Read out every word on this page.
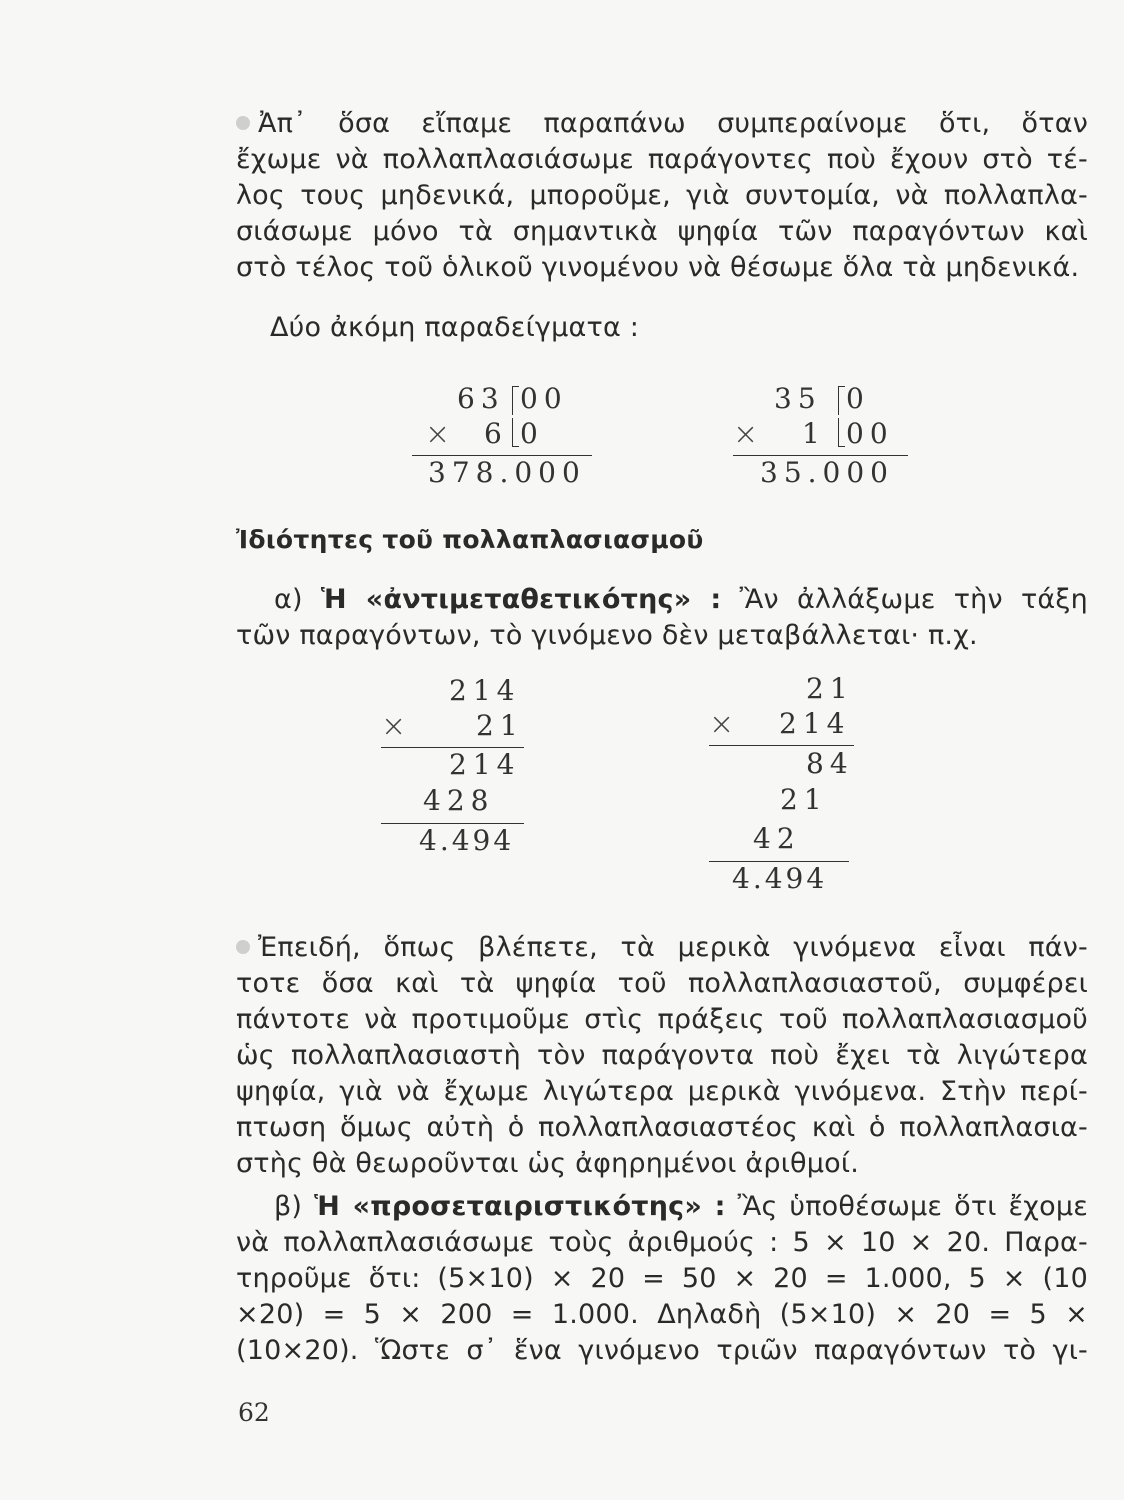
Ἀπ᾽ ὅσα εἴπαμε παραπάνω συμπεραίνομε ὅτι, ὅταν
ἔχωμε νὰ πολλαπλασιάσωμε παράγοντες ποὺ ἔχουν στὸ τέ-
λος τους μηδενικά, μποροῦμε, γιὰ συντομία, νὰ πολλαπλα-
σιάσωμε μόνο τὰ σημαντικὰ ψηφία τῶν παραγόντων καὶ
στὸ τέλος τοῦ ὁλικοῦ γινομένου νὰ θέσωμε ὅλα τὰ μηδενικά.
Δύο ἀκόμη παραδείγματα :
63 00
× 6 0
378.000
35 0
× 1 00
35.000
Ἰδιότητες τοῦ πολλαπλασιασμοῦ
α) Ἡ «ἀντιμεταθετικότης» : Ἂν ἀλλάξωμε τὴν τάξη
τῶν παραγόντων, τὸ γινόμενο δὲν μεταβάλλεται· π.χ.
214
× 21
214
428
4.494
21
× 214
84
21
42
4.494
Ἐπειδή, ὅπως βλέπετε, τὰ μερικὰ γινόμενα εἶναι πάν-
τοτε ὅσα καὶ τὰ ψηφία τοῦ πολλαπλασιαστοῦ, συμφέρει
πάντοτε νὰ προτιμοῦμε στὶς πράξεις τοῦ πολλαπλασιασμοῦ
ὡς πολλαπλασιαστὴ τὸν παράγοντα ποὺ ἔχει τὰ λιγώτερα
ψηφία, γιὰ νὰ ἔχωμε λιγώτερα μερικὰ γινόμενα. Στὴν περί-
πτωση ὅμως αὐτὴ ὁ πολλαπλασιαστέος καὶ ὁ πολλαπλασια-
στὴς θὰ θεωροῦνται ὡς ἀφηρημένοι ἀριθμοί.
β) Ἡ «προσεταιριστικότης» : Ἂς ὑποθέσωμε ὅτι ἔχομε
νὰ πολλαπλασιάσωμε τοὺς ἀριθμούς : 5 × 10 × 20. Παρα-
τηροῦμε ὅτι: (5×10) × 20 = 50 × 20 = 1.000, 5 × (10
×20) = 5 × 200 = 1.000. Δηλαδὴ (5×10) × 20 = 5 ×
(10×20). Ὥστε σ᾽ ἕνα γινόμενο τριῶν παραγόντων τὸ γι-
62
